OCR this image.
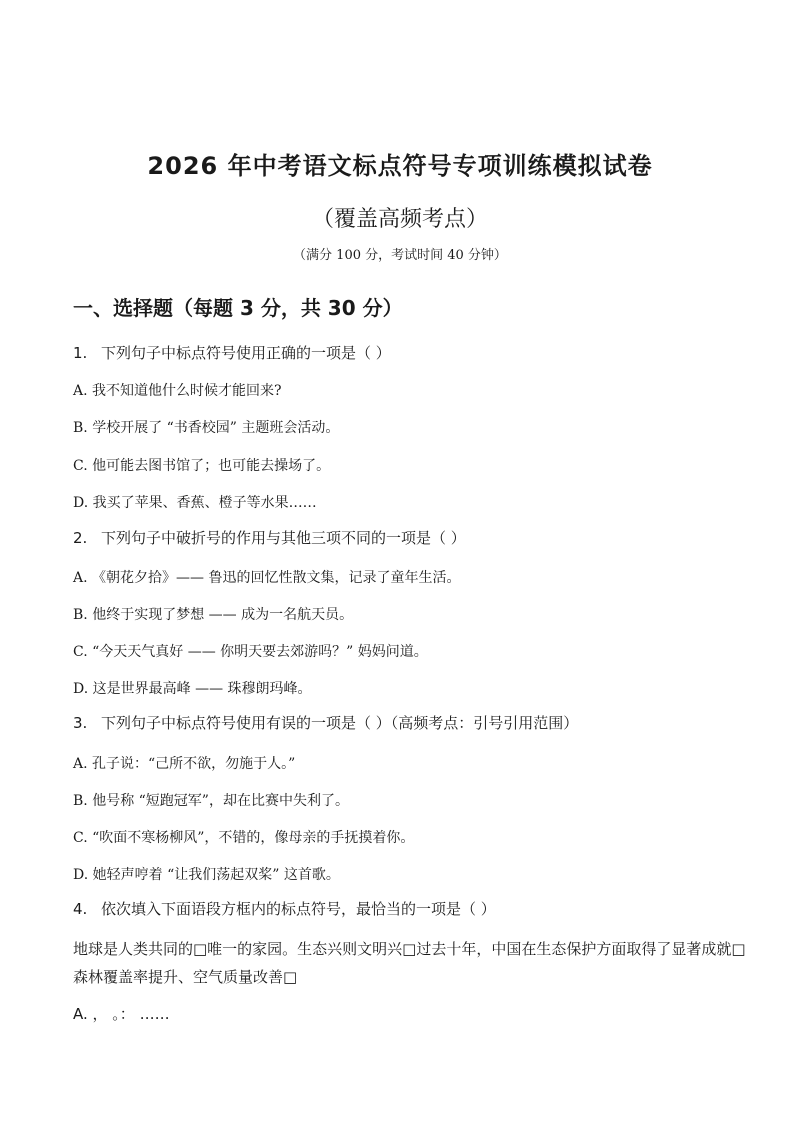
2026 年中考语文标点符号专项训练模拟试卷
（覆盖高频考点）
（满分 100 分，考试时间 40 分钟）
一、选择题（每题 3 分，共 30 分）
1. 下列句子中标点符号使用正确的一项是（ ）
A. 我不知道他什么时候才能回来?
B. 学校开展了 “书香校园” 主题班会活动。
C. 他可能去图书馆了；也可能去操场了。
D. 我买了苹果、香蕉、橙子等水果……
2. 下列句子中破折号的作用与其他三项不同的一项是（ ）
A. 《朝花夕拾》—— 鲁迅的回忆性散文集，记录了童年生活。
B. 他终于实现了梦想 —— 成为一名航天员。
C. “今天天气真好 —— 你明天要去郊游吗？” 妈妈问道。
D. 这是世界最高峰 —— 珠穆朗玛峰。
3. 下列句子中标点符号使用有误的一项是（ ）（高频考点：引号引用范围）
A. 孔子说：“己所不欲，勿施于人。”
B. 他号称 “短跑冠军”，却在比赛中失利了。
C. “吹面不寒杨柳风”，不错的，像母亲的手抚摸着你。
D. 她轻声哼着 “让我们荡起双桨” 这首歌。
4. 依次填入下面语段方框内的标点符号，最恰当的一项是（ ）
地球是人类共同的□唯一的家园。生态兴则文明兴□过去十年，中国在生态保护方面取得了显著成就□
森林覆盖率提升、空气质量改善□
A. ， 。： ……
